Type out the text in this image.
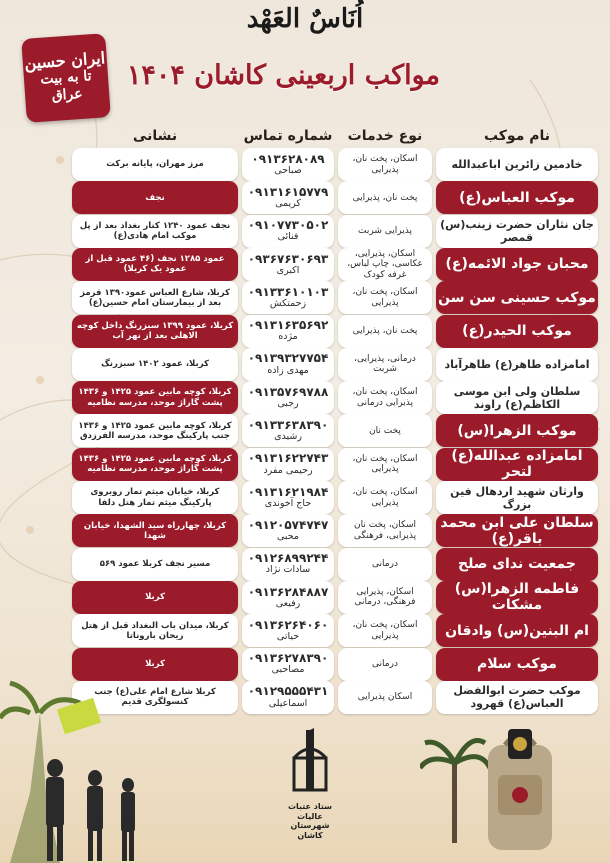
ایران حسین
تا به بیت عراق
اُنَاسٌ العَهْد
مواکب اربعینی کاشان ۱۴۰۴
نام موکب
نوع خدمات
شماره تماس
نشانی
خادمین زائرین اباعبدالله
اسکان، پخت نان، پذیرایی
۰۹۱۳۶۲۸۰۸۹
صباحی
مرز مهران، پایانه برکت
موکب العباس(ع)
پخت نان، پذیرایی
۰۹۱۳۱۶۱۵۷۷۹
کریمی
نجف
جان نثاران حضرت زینب(س) قمصر
پذیرایی شربت
۰۹۱۰۷۷۳۰۵۰۲
فنائی
نجف عمود ۱۲۴۰ کنار بغداد بعد از پل موکب امام هادی(ع)
محبان جواد الائمه(ع)
اسکان، پذیرایی، عکاسی، چاپ لباس، غرفه کودک
۰۹۳۶۷۶۳۰۶۹۳
اکبری
عمود ۱۲۸۵ نجف (۴۶ عمود قبل از عمود یک کربلا)
موکب حسینی سن سن
اسکان، پخت نان، پذیرایی
۰۹۱۳۳۶۱۰۱۰۳
زحمتکش
کربلا، شارع العباس عمود۱۳۹۰ قرمز بعد از بیمارستان امام حسین(ع)
موکب الحیدر(ع)
پخت نان، پذیرایی
۰۹۱۳۱۶۳۵۶۹۲
مژده
کربلا، عمود ۱۳۹۹ سبزرنگ داخل کوچه الاهلی بعد از نهر آب
امامزاده طاهر(ع) طاهرآباد
درمانی، پذیرایی، شربت
۰۹۱۳۹۳۲۷۷۵۴
مهدی زاده
کربلا، عمود ۱۴۰۲ سبزرنگ
سلطان ولی ابن موسی الکاظم(ع) راوند
اسکان، پخت نان، پذیرایی درمانی
۰۹۱۳۵۷۶۹۷۸۸
رجبی
کربلا، کوچه مابین عمود ۱۴۲۵ و ۱۴۳۶ پشت گاراژ موحد، مدرسه نظامیه
موکب الزهرا(س)
پخت نان
۰۹۱۳۳۶۳۸۳۹۰
رشیدی
کربلا، کوچه مابین عمود ۱۴۲۵ و ۱۴۳۶ جنب پارکینگ موحد، مدرسه الفرزدق
امامزاده عبدالله(ع) لتحر
اسکان، پخت نان، پذیرایی
۰۹۱۳۱۶۲۲۷۴۳
رحیمی مفرد
کربلا، کوچه مابین عمود ۱۴۲۵ و ۱۴۳۶ پشت گاراژ موحد، مدرسه نظامیه
وارثان شهید اردهال فین بزرگ
اسکان، پخت نان، پذیرایی
۰۹۱۳۱۶۲۱۹۸۴
حاج آخوندی
کربلا، خیابان میثم تمار روبروی پارکینگ میثم تمار هتل دلفا
سلطان علی ابن محمد باقر(ع)
اسکان، پخت نان پذیرایی، فرهنگی
۰۹۱۲۰۵۷۴۷۴۷
محبی
کربلا، چهارراه سید الشهدا، خیابان شهدا
جمعیت ندای صلح
درمانی
۰۹۱۲۶۸۹۹۲۴۴
سادات نژاد
مسیر نجف کربلا عمود ۵۶۹
فاطمه الزهرا(س) مشکات
اسکان، پذیرایی فرهنگی، درمانی
۰۹۱۳۶۲۸۴۸۸۷
رفیعی
کربلا
ام البنین(س) وادقان
اسکان، پخت نان، پذیرایی
۰۹۱۳۶۲۶۴۰۶۰
حیاتی
کربلا، میدان باب البغداد قبل از هتل ریحان باروناتا
موکب سلام
درمانی
۰۹۱۳۶۲۷۸۳۹۰
مصاحبی
کربلا
موکب حضرت ابوالفضل العباس(ع) قهرود
اسکان پذیرایی
۰۹۱۲۹۵۵۵۴۳۱
اسماعیلی
کربلا شارع امام علی(ع) جنب کنسولگری قدیم
ستاد عتبات عالیات
شهرستان کاشان
